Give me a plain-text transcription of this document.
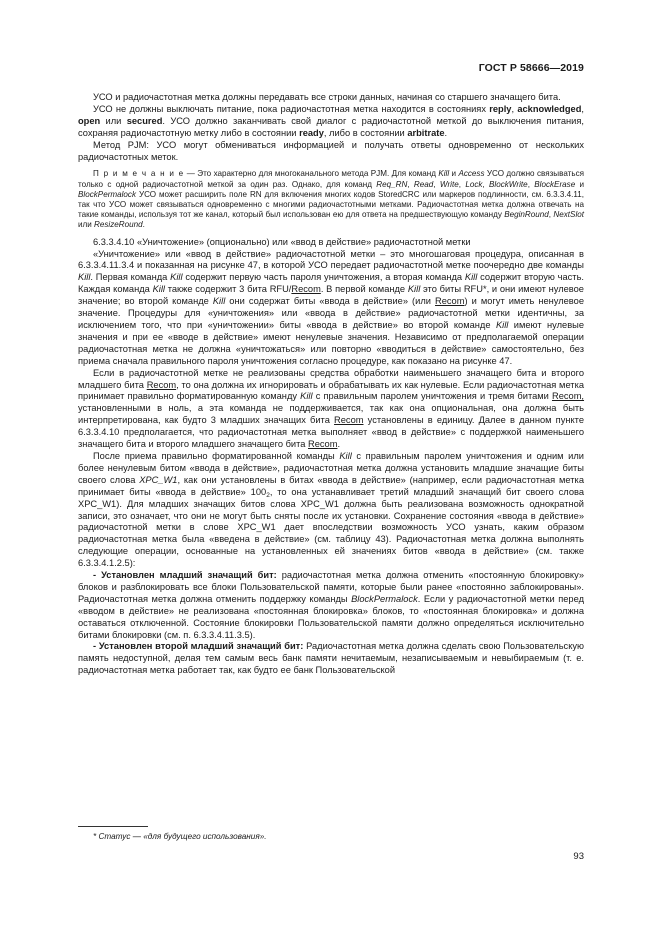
ГОСТ Р 58666—2019

УСО и радиочастотная метка должны передавать все строки данных, начиная со старшего значащего бита.

УСО не должны выключать питание, пока радиочастотная метка находится в состояниях reply, acknowledged, open или secured. УСО должно заканчивать свой диалог с радиочастотной меткой до выключения питания, сохраняя радиочастотную метку либо в состоянии ready, либо в состоянии arbitrate.

Метод PJM: УСО могут обмениваться информацией и получать ответы одновременно от нескольких радиочастотных меток.

П р и м е ч а н и е — Это характерно для многоканального метода PJM. Для команд Kill и Access УСО должно связываться только с одной радиочастотной меткой за один раз. Однако, для команд Req_RN, Read, Write, Lock, BlockWrite, BlockErase и BlockPermalock УСО может расширить поле RN для включения многих кодов StoredCRC или маркеров подлинности, см. 6.3.3.4.11, так что УСО может связываться одновременно с многими радиочастотными метками. Радиочастотная метка должна отвечать на такие команды, используя тот же канал, который был использован ею для ответа на предшествующую команду BeginRound, NextSlot или ResizeRound.

6.3.3.4.10 «Уничтожение» (опционально) или «ввод в действие» радиочастотной метки

«Уничтожение» или «ввод в действие» радиочастотной метки – это многошаговая процедура, описанная в 6.3.3.4.11.3.4 и показанная на рисунке 47, в которой УСО передает радиочастотной метке поочередно две команды Kill. Первая команда Kill содержит первую часть пароля уничтожения, а вторая команда Kill содержит вторую часть. Каждая команда Kill также содержит 3 бита RFU/Recom. В первой команде Kill это биты RFU*, и они имеют нулевое значение; во второй команде Kill они содержат биты «ввода в действие» (или Recom) и могут иметь ненулевое значение. Процедуры для «уничтожения» или «ввода в действие» радиочастотной метки идентичны, за исключением того, что при «уничтожении» биты «ввода в действие» во второй команде Kill имеют нулевые значения и при ее «вводе в действие» имеют ненулевые значения. Независимо от предполагаемой операции радиочастотная метка не должна «уничтожаться» или повторно «вводиться в действие» самостоятельно, без приема сначала правильного пароля уничтожения согласно процедуре, как показано на рисунке 47.

Если в радиочастотной метке не реализованы средства обработки наименьшего значащего бита и второго младшего бита Recom, то она должна их игнорировать и обрабатывать их как нулевые. Если радиочастотная метка принимает правильно форматированную команду Kill с правильным паролем уничтожения и тремя битами Recom, установленными в ноль, а эта команда не поддерживается, так как она опциональная, она должна быть интерпретирована, как будто 3 младших значащих бита Recom установлены в единицу. Далее в данном пункте 6.3.3.4.10 предполагается, что радиочастотная метка выполняет «ввод в действие» с поддержкой наименьшего значащего бита и второго младшего значащего бита Recom.

После приема правильно форматированной команды Kill с правильным паролем уничтожения и одним или более ненулевым битом «ввода в действие», радиочастотная метка должна установить младшие значащие биты своего слова XPC_W1, как они установлены в битах «ввода в действие» (например, если радиочастотная метка принимает биты «ввода в действие» $100_2$, то она устанавливает третий младший значащий бит своего слова XPC_W1). Для младших значащих битов слова XPC_W1 должна быть реализована возможность однократной записи, это означает, что они не могут быть сняты после их установки. Сохранение состояния «ввода в действие» радиочастотной метки в слове XPC_W1 дает впоследствии возможность УСО узнать, каким образом радиочастотная метка была «введена в действие» (см. таблицу 43). Радиочастотная метка должна выполнять следующие операции, основанные на установленных ей значениях битов «ввода в действие» (см. также 6.3.3.4.1.2.5):

- Установлен младший значащий бит: радиочастотная метка должна отменить «постоянную блокировку» блоков и разблокировать все блоки Пользовательской памяти, которые были ранее «постоянно заблокированы». Радиочастотная метка должна отменить поддержку команды BlockPermalock. Если у радиочастотной метки перед «вводом в действие» не реализована «постоянная блокировка» блоков, то «постоянная блокировка» и должна оставаться отключенной. Состояние блокировки Пользовательской памяти должно определяться исключительно битами блокировки (см. п. 6.3.3.4.11.3.5).

- Установлен второй младший значащий бит: Радиочастотная метка должна сделать свою Пользовательскую память недоступной, делая тем самым весь банк памяти нечитаемым, незаписываемым и невыбираемым (т. е. радиочастотная метка работает так, как будто ее банк Пользовательской

* Статус — «для будущего использования».
93
